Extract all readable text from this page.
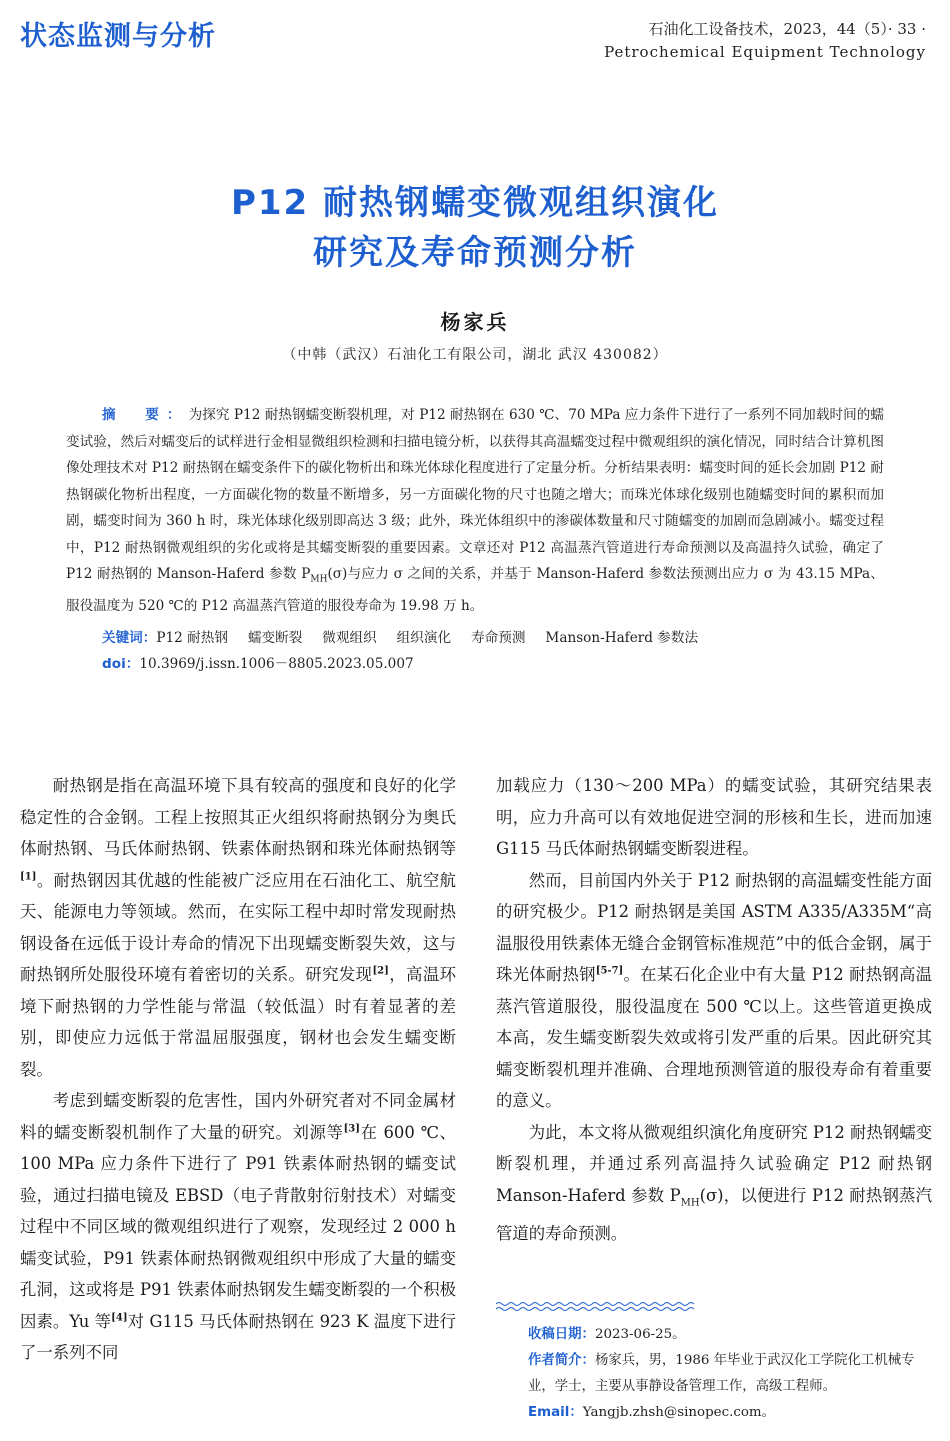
状态监测与分析	石油化工设备技术，2023，44（5）· 33 ·
Petrochemical Equipment Technology
P12 耐热钢蠕变微观组织演化
研究及寿命预测分析
杨家兵
（中韩（武汉）石油化工有限公司，湖北 武汉 430082）

摘　要：为探究 P12 耐热钢蠕变断裂机理，对 P12 耐热钢在 630 ℃、70 MPa 应力条件下进行了一系列不同加载时间的蠕变试验，然后对蠕变后的试样进行金相显微组织检测和扫描电镜分析，以获得其高温蠕变过程中微观组织的演化情况，同时结合计算机图像处理技术对 P12 耐热钢在蠕变条件下的碳化物析出和珠光体球化程度进行了定量分析。分析结果表明：蠕变时间的延长会加剧 P12 耐热钢碳化物析出程度，一方面碳化物的数量不断增多，另一方面碳化物的尺寸也随之增大；而珠光体球化级别也随蠕变时间的累积而加剧，蠕变时间为 360 h 时，珠光体球化级别即高达 3 级；此外，珠光体组织中的渗碳体数量和尺寸随蠕变的加剧而急剧减小。蠕变过程中，P12 耐热钢微观组织的劣化或将是其蠕变断裂的重要因素。文章还对 P12 高温蒸汽管道进行寿命预测以及高温持久试验，确定了 P12 耐热钢的 Manson-Haferd 参数 $P_{MH}(\sigma)$与应力 σ 之间的关系，并基于 Manson-Haferd 参数法预测出应力 σ 为 43.15 MPa、服役温度为 520 ℃的 P12 高温蒸汽管道的服役寿命为 19.98 万 h。

关键词：P12 耐热钢 蠕变断裂 微观组织 组织演化 寿命预测 Manson-Haferd 参数法

doi：10.3969/j.issn.1006－8805.2023.05.007

耐热钢是指在高温环境下具有较高的强度和良好的化学稳定性的合金钢。工程上按照其正火组织将耐热钢分为奥氏体耐热钢、马氏体耐热钢、铁素体耐热钢和珠光体耐热钢等[1]。耐热钢因其优越的性能被广泛应用在石油化工、航空航天、能源电力等领域。然而，在实际工程中却时常发现耐热钢设备在远低于设计寿命的情况下出现蠕变断裂失效，这与耐热钢所处服役环境有着密切的关系。研究发现[2]，高温环境下耐热钢的力学性能与常温（较低温）时有着显著的差别，即使应力远低于常温屈服强度，钢材也会发生蠕变断裂。

考虑到蠕变断裂的危害性，国内外研究者对不同金属材料的蠕变断裂机制作了大量的研究。刘源等[3]在 600 ℃、100 MPa 应力条件下进行了 P91 铁素体耐热钢的蠕变试验，通过扫描电镜及 EBSD（电子背散射衍射技术）对蠕变过程中不同区域的微观组织进行了观察，发现经过 2 000 h 蠕变试验，P91 铁素体耐热钢微观组织中形成了大量的蠕变孔洞，这或将是 P91 铁素体耐热钢发生蠕变断裂的一个积极因素。Yu 等[4]对 G115 马氏体耐热钢在 923 K 温度下进行了一系列不同

加载应力（130～200 MPa）的蠕变试验，其研究结果表明，应力升高可以有效地促进空洞的形核和生长，进而加速 G115 马氏体耐热钢蠕变断裂进程。

然而，目前国内外关于 P12 耐热钢的高温蠕变性能方面的研究极少。P12 耐热钢是美国 ASTM A335/A335M“高温服役用铁素体无缝合金钢管标准规范”中的低合金钢，属于珠光体耐热钢[5-7]。在某石化企业中有大量 P12 耐热钢高温蒸汽管道服役，服役温度在 500 ℃以上。这些管道更换成本高，发生蠕变断裂失效或将引发严重的后果。因此研究其蠕变断裂机理并准确、合理地预测管道的服役寿命有着重要的意义。

为此，本文将从微观组织演化角度研究 P12 耐热钢蠕变断裂机理，并通过系列高温持久试验确定 P12 耐热钢 Manson-Haferd 参数 $P_{MH}(\sigma)$，以便进行 P12 耐热钢蒸汽管道的寿命预测。

收稿日期：2023-06-25。

作者简介：杨家兵，男，1986 年毕业于武汉化工学院化工机械专业，学士，主要从事静设备管理工作，高级工程师。

Email：Yangjb.zhsh@sinopec.com。
